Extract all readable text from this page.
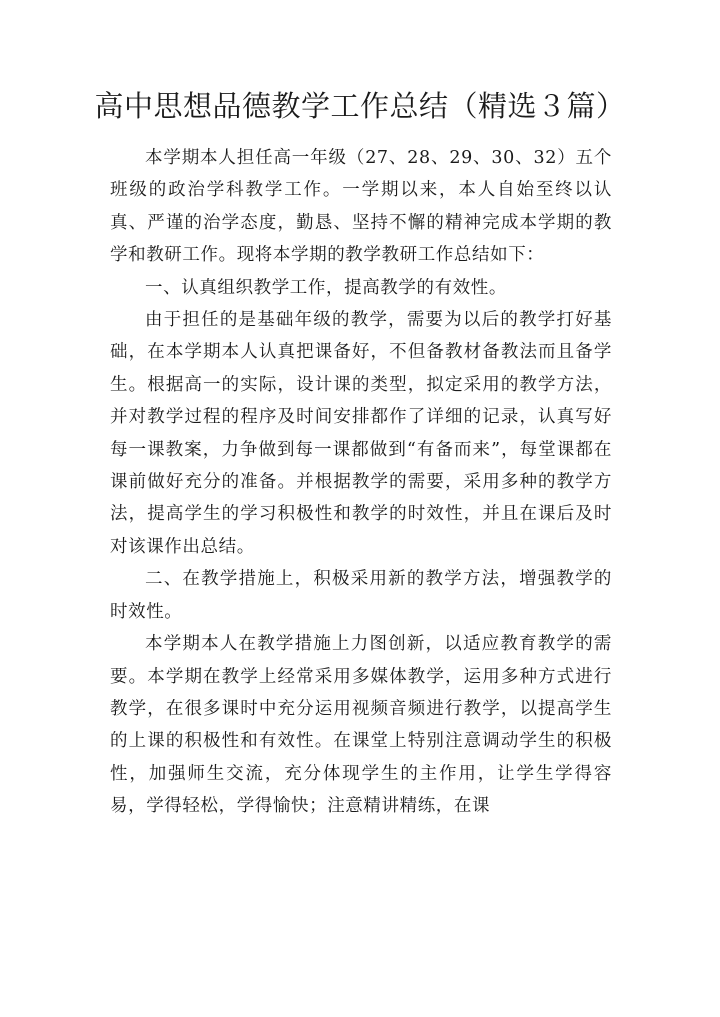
高中思想品德教学工作总结（精选３篇）

本学期本人担任高一年级（27、28、29、30、32）五个班级的政治学科教学工作。一学期以来，本人自始至终以认真、严谨的治学态度，勤恳、坚持不懈的精神完成本学期的教学和教研工作。现将本学期的教学教研工作总结如下：

一、认真组织教学工作，提高教学的有效性。

由于担任的是基础年级的教学，需要为以后的教学打好基础，在本学期本人认真把课备好，不但备教材备教法而且备学生。根据高一的实际，设计课的类型，拟定采用的教学方法，并对教学过程的程序及时间安排都作了详细的记录，认真写好每一课教案，力争做到每一课都做到“有备而来”，每堂课都在课前做好充分的准备。并根据教学的需要，采用多种的教学方法，提高学生的学习积极性和教学的时效性，并且在课后及时对该课作出总结。

二、在教学措施上，积极采用新的教学方法，增强教学的时效性。

本学期本人在教学措施上力图创新，以适应教育教学的需要。本学期在教学上经常采用多媒体教学，运用多种方式进行教学，在很多课时中充分运用视频音频进行教学，以提高学生的上课的积极性和有效性。在课堂上特别注意调动学生的积极性，加强师生交流，充分体现学生的主作用，让学生学得容易，学得轻松，学得愉快；注意精讲精练，在课
